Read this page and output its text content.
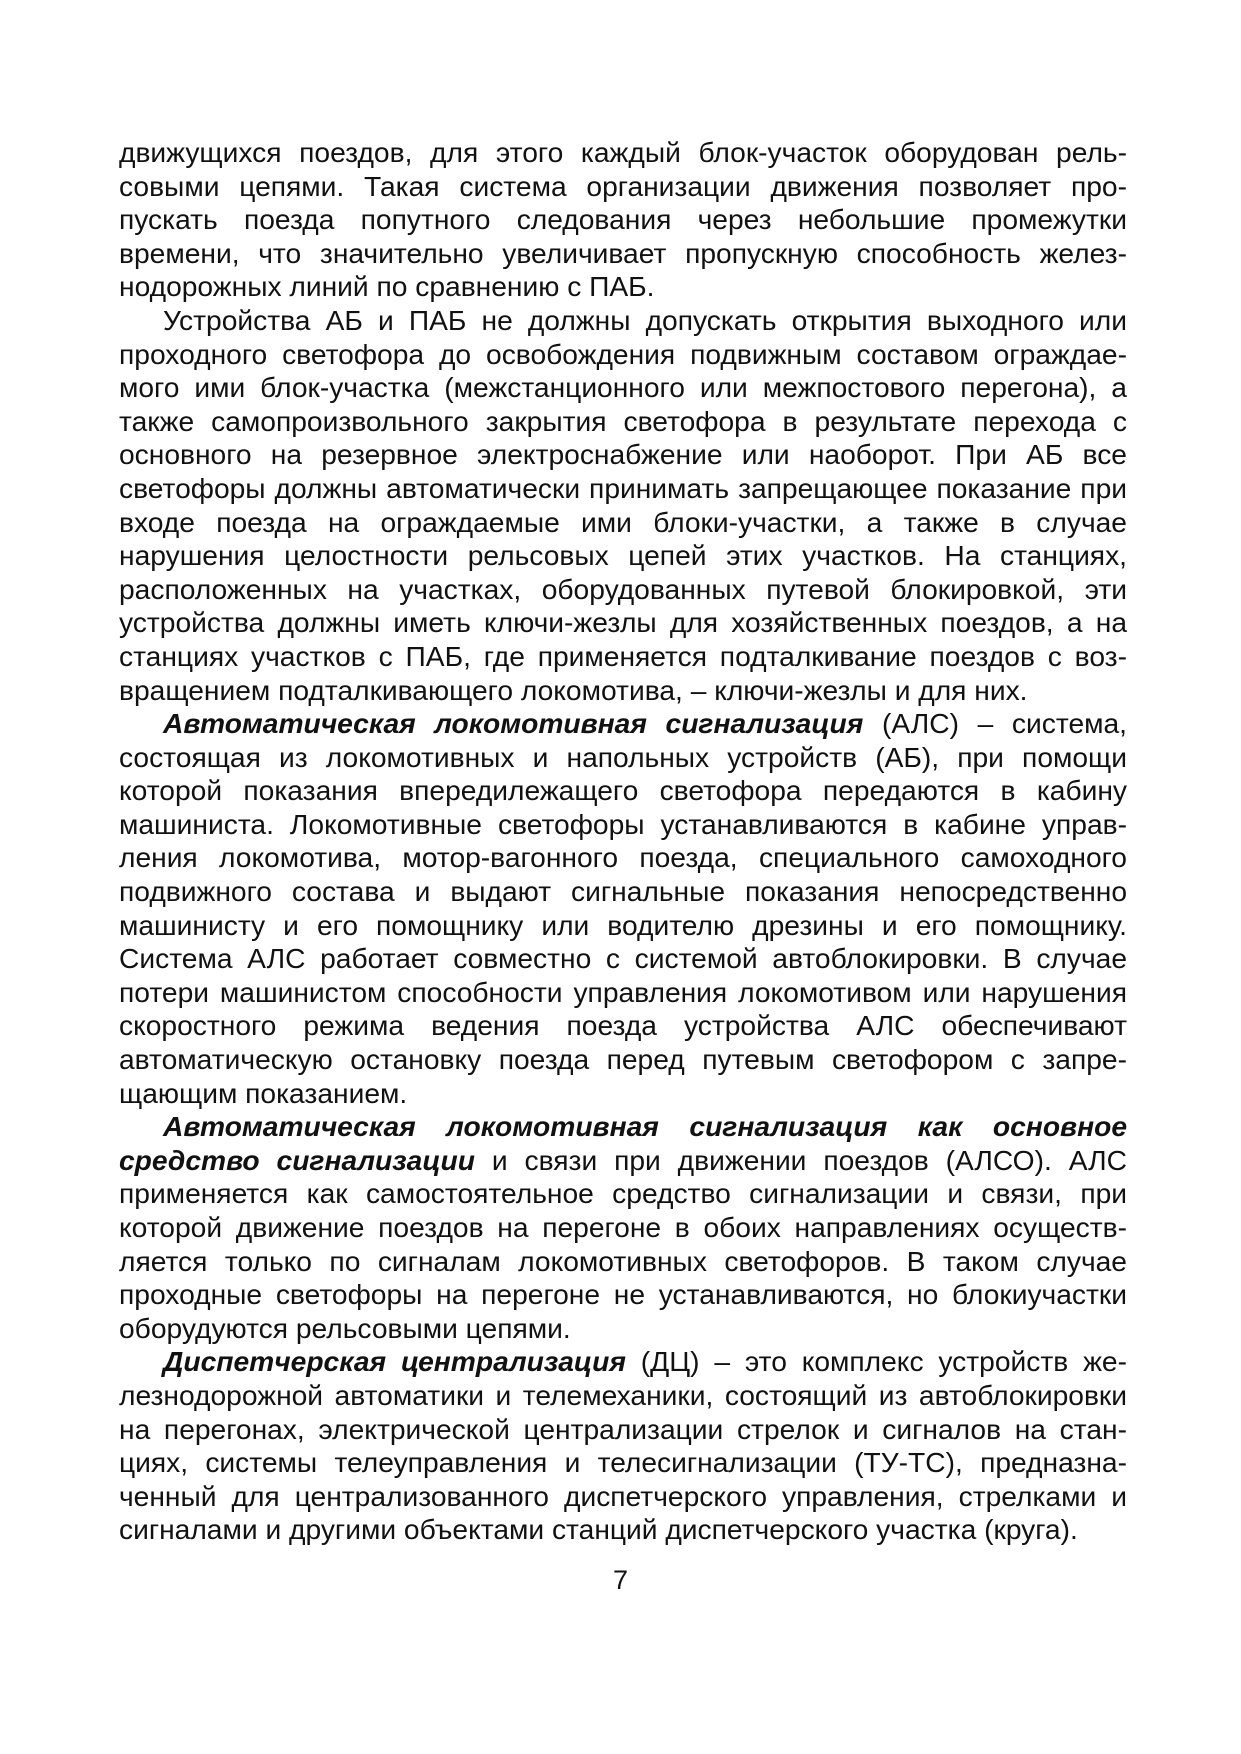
движущихся поездов, для этого каждый блок-участок оборудован рельсовыми цепями. Такая система организации движения позволяет пропускать поезда попутного следования через небольшие промежутки времени, что значительно увеличивает пропускную способность железнодорожных линий по сравнению с ПАБ.

Устройства АБ и ПАБ не должны допускать открытия выходного или проходного светофора до освобождения подвижным составом ограждаемого ими блок-участка (межстанционного или межпостового перегона), а также самопроизвольного закрытия светофора в результате перехода с основного на резервное электроснабжение или наоборот. При АБ все светофоры должны автоматически принимать запрещающее показание при входе поезда на ограждаемые ими блоки-участки, а также в случае нарушения целостности рельсовых цепей этих участков. На станциях, расположенных на участках, оборудованных путевой блокировкой, эти устройства должны иметь ключи-жезлы для хозяйственных поездов, а на станциях участков с ПАБ, где применяется подталкивание поездов с возвращением подталкивающего локомотива, – ключи-жезлы и для них.

Автоматическая локомотивная сигнализация (АЛС) – система, состоящая из локомотивных и напольных устройств (АБ), при помощи которой показания впередилежащего светофора передаются в кабину машиниста. Локомотивные светофоры устанавливаются в кабине управления локомотива, мотор-вагонного поезда, специального самоходного подвижного состава и выдают сигнальные показания непосредственно машинисту и его помощнику или водителю дрезины и его помощнику. Система АЛС работает совместно с системой автоблокировки. В случае потери машинистом способности управления локомотивом или нарушения скоростного режима ведения поезда устройства АЛС обеспечивают автоматическую остановку поезда перед путевым светофором с запрещающим показанием.

Автоматическая локомотивная сигнализация как основное средство сигнализации и связи при движении поездов (АЛСО). АЛС применяется как самостоятельное средство сигнализации и связи, при которой движение поездов на перегоне в обоих направлениях осуществляется только по сигналам локомотивных светофоров. В таком случае проходные светофоры на перегоне не устанавливаются, но блокиучастки оборудуются рельсовыми цепями.

Диспетчерская централизация (ДЦ) – это комплекс устройств железнодорожной автоматики и телемеханики, состоящий из автоблокировки на перегонах, электрической централизации стрелок и сигналов на станциях, системы телеуправления и телесигнализации (ТУ-ТС), предназначенный для централизованного диспетчерского управления, стрелками и сигналами и другими объектами станций диспетчерского участка (круга).

7
